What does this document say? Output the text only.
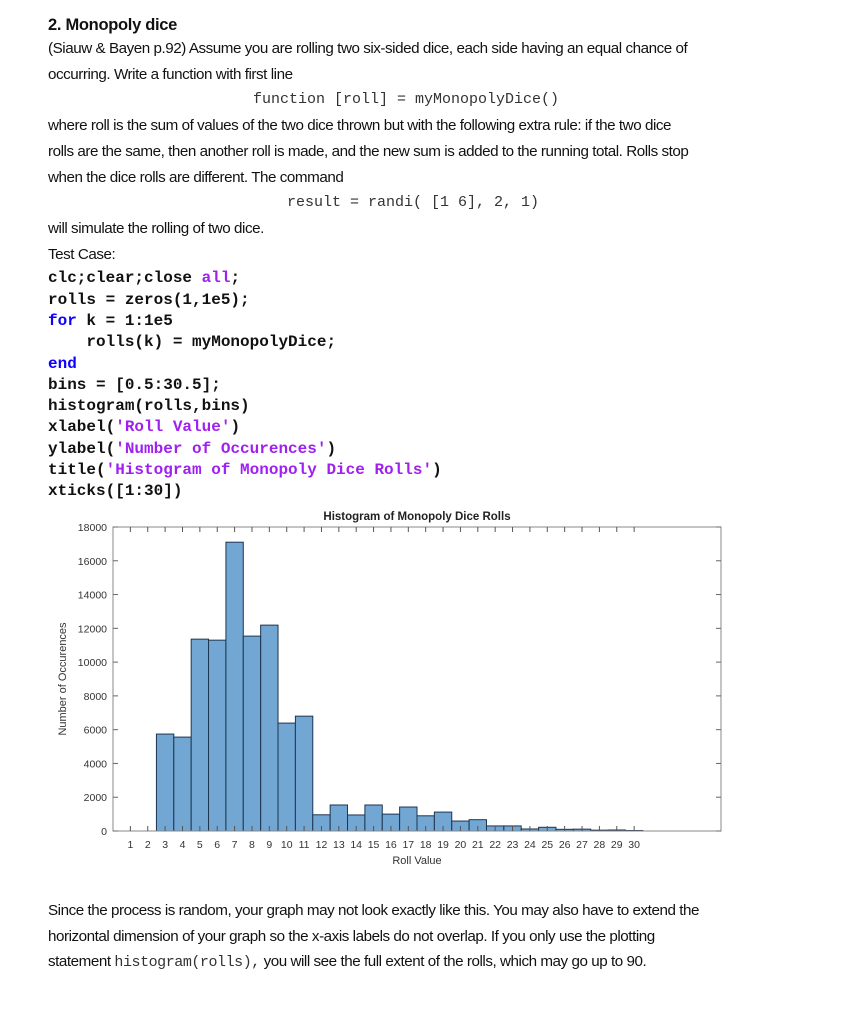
2. Monopoly dice

(Siauw & Bayen p.92) Assume you are rolling two six-sided dice, each side having an equal chance of

occurring. Write a function with first line

function [roll] = myMonopolyDice()

where roll is the sum of values of the two dice thrown but with the following extra rule: if the two dice

rolls are the same, then another roll is made, and the new sum is added to the running total. Rolls stop

when the dice rolls are different. The command

result = randi( [1 6], 2, 1)

will simulate the rolling of two dice.

Test Case:

clc;clear;close all;
rolls = zeros(1,1e5);
for k = 1:1e5
rolls(k) = myMonopolyDice;
end
bins = [0.5:30.5];
histogram(rolls,bins)
xlabel('Roll Value')
ylabel('Number of Occurences')
title('Histogram of Monopoly Dice Rolls')
xticks([1:30])
Histogram of Monopoly Dice Rolls
0
2000
4000
6000
8000
10000
12000
14000
16000
18000
1 2 3 4 5 6 7 8 9 10 11 12 13 14 15 16 17 18 19 20 21 22 23 24 25 26 27 28 29 30
Roll Value
Number of Occurences

Since the process is random, your graph may not look exactly like this. You may also have to extend the

horizontal dimension of your graph so the x-axis labels do not overlap. If you only use the plotting

statement histogram(rolls), you will see the full extent of the rolls, which may go up to 90.
